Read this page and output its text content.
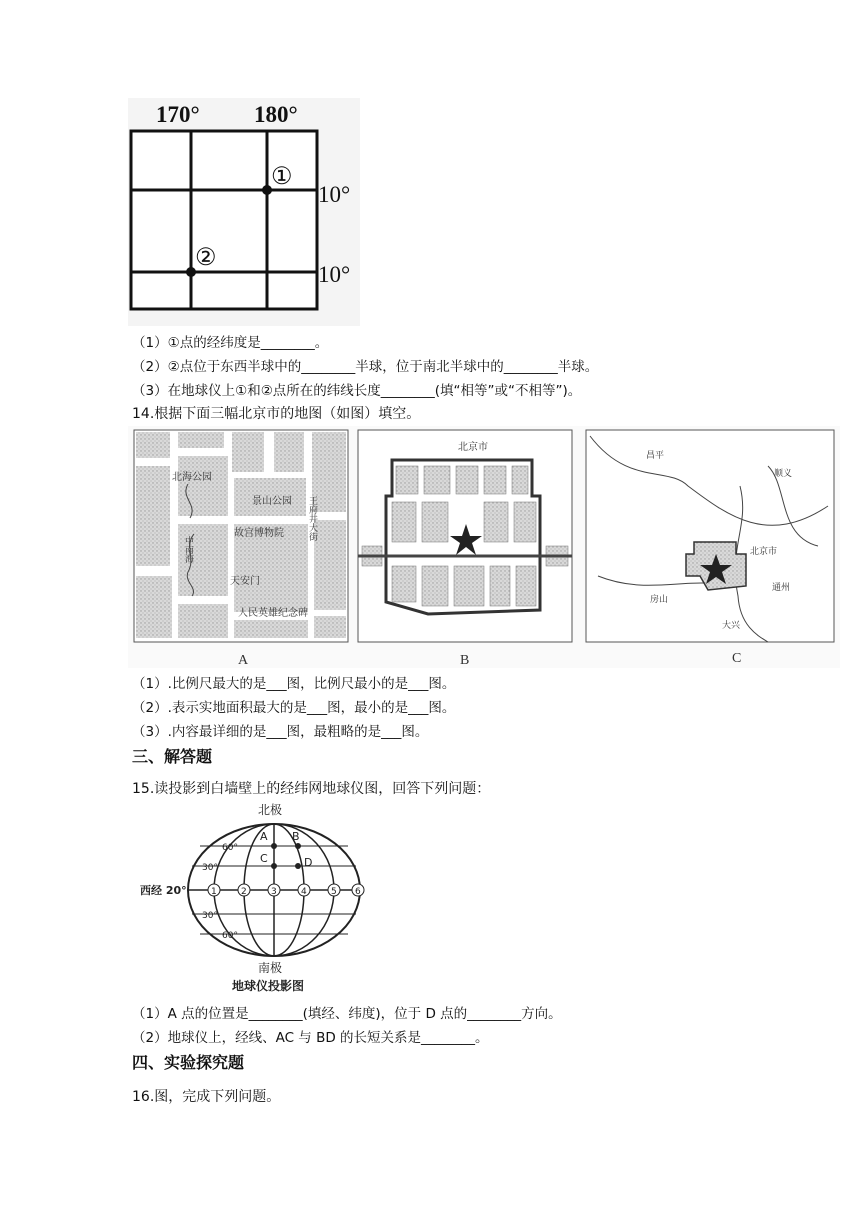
170° 180°
①
②
10°
10°
（1）①点的经纬度是________。
（2）②点位于东西半球中的________半球，位于南北半球中的________半球。
（3）在地球仪上①和②点所在的纬线长度________(填“相等”或“不相等”)。
14.根据下面三幅北京市的地图（如图）填空。
北海公园
景山公园
故宫博物院
天安门
人民英雄纪念碑
中南海
王府井大街
A
北京市
B
昌平
顺义
北京市
通州
房山
大兴
C
（1）.比例尺最大的是___图，比例尺最小的是___图。
（2）.表示实地面积最大的是___图，最小的是___图。
（3）.内容最详细的是___图，最粗略的是___图。
三、解答题
15.读投影到白墙壁上的经纬网地球仪图，回答下列问题：
北极
60°
30°
30°
60°
西经 20°
A B
C	D
1	2	3	4	5 6
南极
地球仪投影图
（1）A 点的位置是________(填经、纬度)，位于 D 点的________方向。
（2）地球仪上，经线、AC 与 BD 的长短关系是________。
四、实验探究题
16.图，完成下列问题。
